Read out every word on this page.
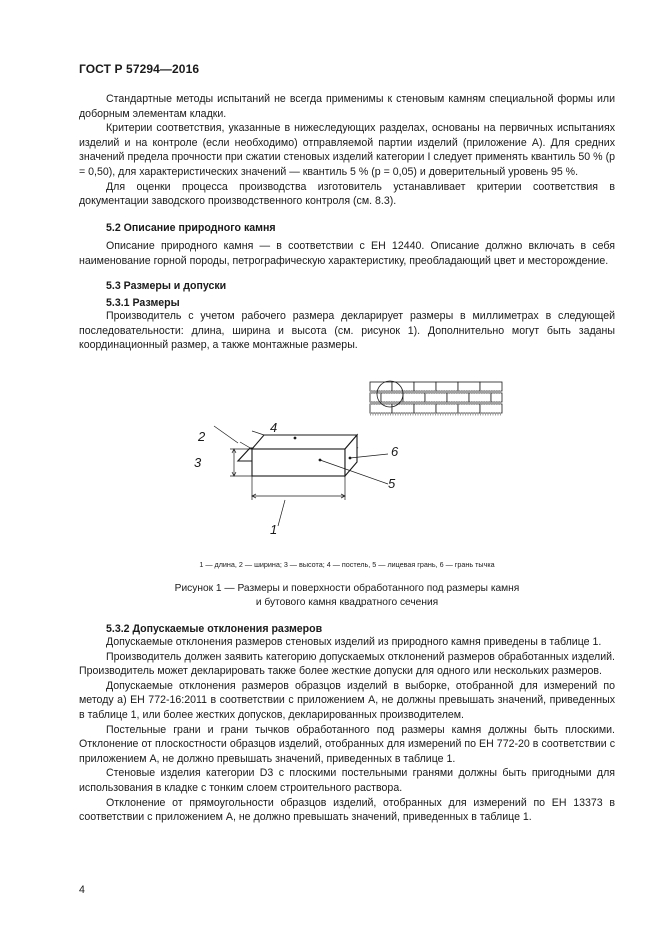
ГОСТ Р 57294—2016

Стандартные методы испытаний не всегда применимы к стеновым камням специальной формы или доборным элементам кладки.

Критерии соответствия, указанные в нижеследующих разделах, основаны на первичных испытаниях изделий и на контроле (если необходимо) отправляемой партии изделий (приложение А). Для средних значений предела прочности при сжатии стеновых изделий категории I следует применять квантиль 50 % (p = 0,50), для характеристических значений — квантиль 5 % (p = 0,05) и доверительный уровень 95 %.

Для оценки процесса производства изготовитель устанавливает критерии соответствия в документации заводского производственного контроля (см. 8.3).

5.2 Описание природного камня

Описание природного камня — в соответствии с ЕН 12440. Описание должно включать в себя наименование горной породы, петрографическую характеристику, преобладающий цвет и месторождение.

5.3 Размеры и допуски
5.3.1 Размеры

Производитель с учетом рабочего размера декларирует размеры в миллиметрах в следующей последовательности: длина, ширина и высота (см. рисунок 1). Дополнительно могут быть заданы координационный размер, а также монтажные размеры.

1
2
3
4
5
6
1 — длина, 2 — ширина; 3 — высота; 4 — постель, 5 — лицевая грань, 6 — грань тычка
Рисунок 1 — Размеры и поверхности обработанного под размеры камня
и бутового камня квадратного сечения
5.3.2 Допускаемые отклонения размеров

Допускаемые отклонения размеров стеновых изделий из природного камня приведены в таблице 1.

Производитель должен заявить категорию допускаемых отклонений размеров обработанных изделий. Производитель может декларировать также более жесткие допуски для одного или нескольких размеров.

Допускаемые отклонения размеров образцов изделий в выборке, отобранной для измерений по методу а) ЕН 772-16:2011 в соответствии с приложением А, не должны превышать значений, приведенных в таблице 1, или более жестких допусков, декларированных производителем.

Постельные грани и грани тычков обработанного под размеры камня должны быть плоскими. Отклонение от плоскостности образцов изделий, отобранных для измерений по ЕН 772-20 в соответствии с приложением А, не должно превышать значений, приведенных в таблице 1.

Стеновые изделия категории D3 с плоскими постельными гранями должны быть пригодными для использования в кладке с тонким слоем строительного раствора.

Отклонение от прямоугольности образцов изделий, отобранных для измерений по ЕН 13373 в соответствии с приложением А, не должно превышать значений, приведенных в таблице 1.

4
